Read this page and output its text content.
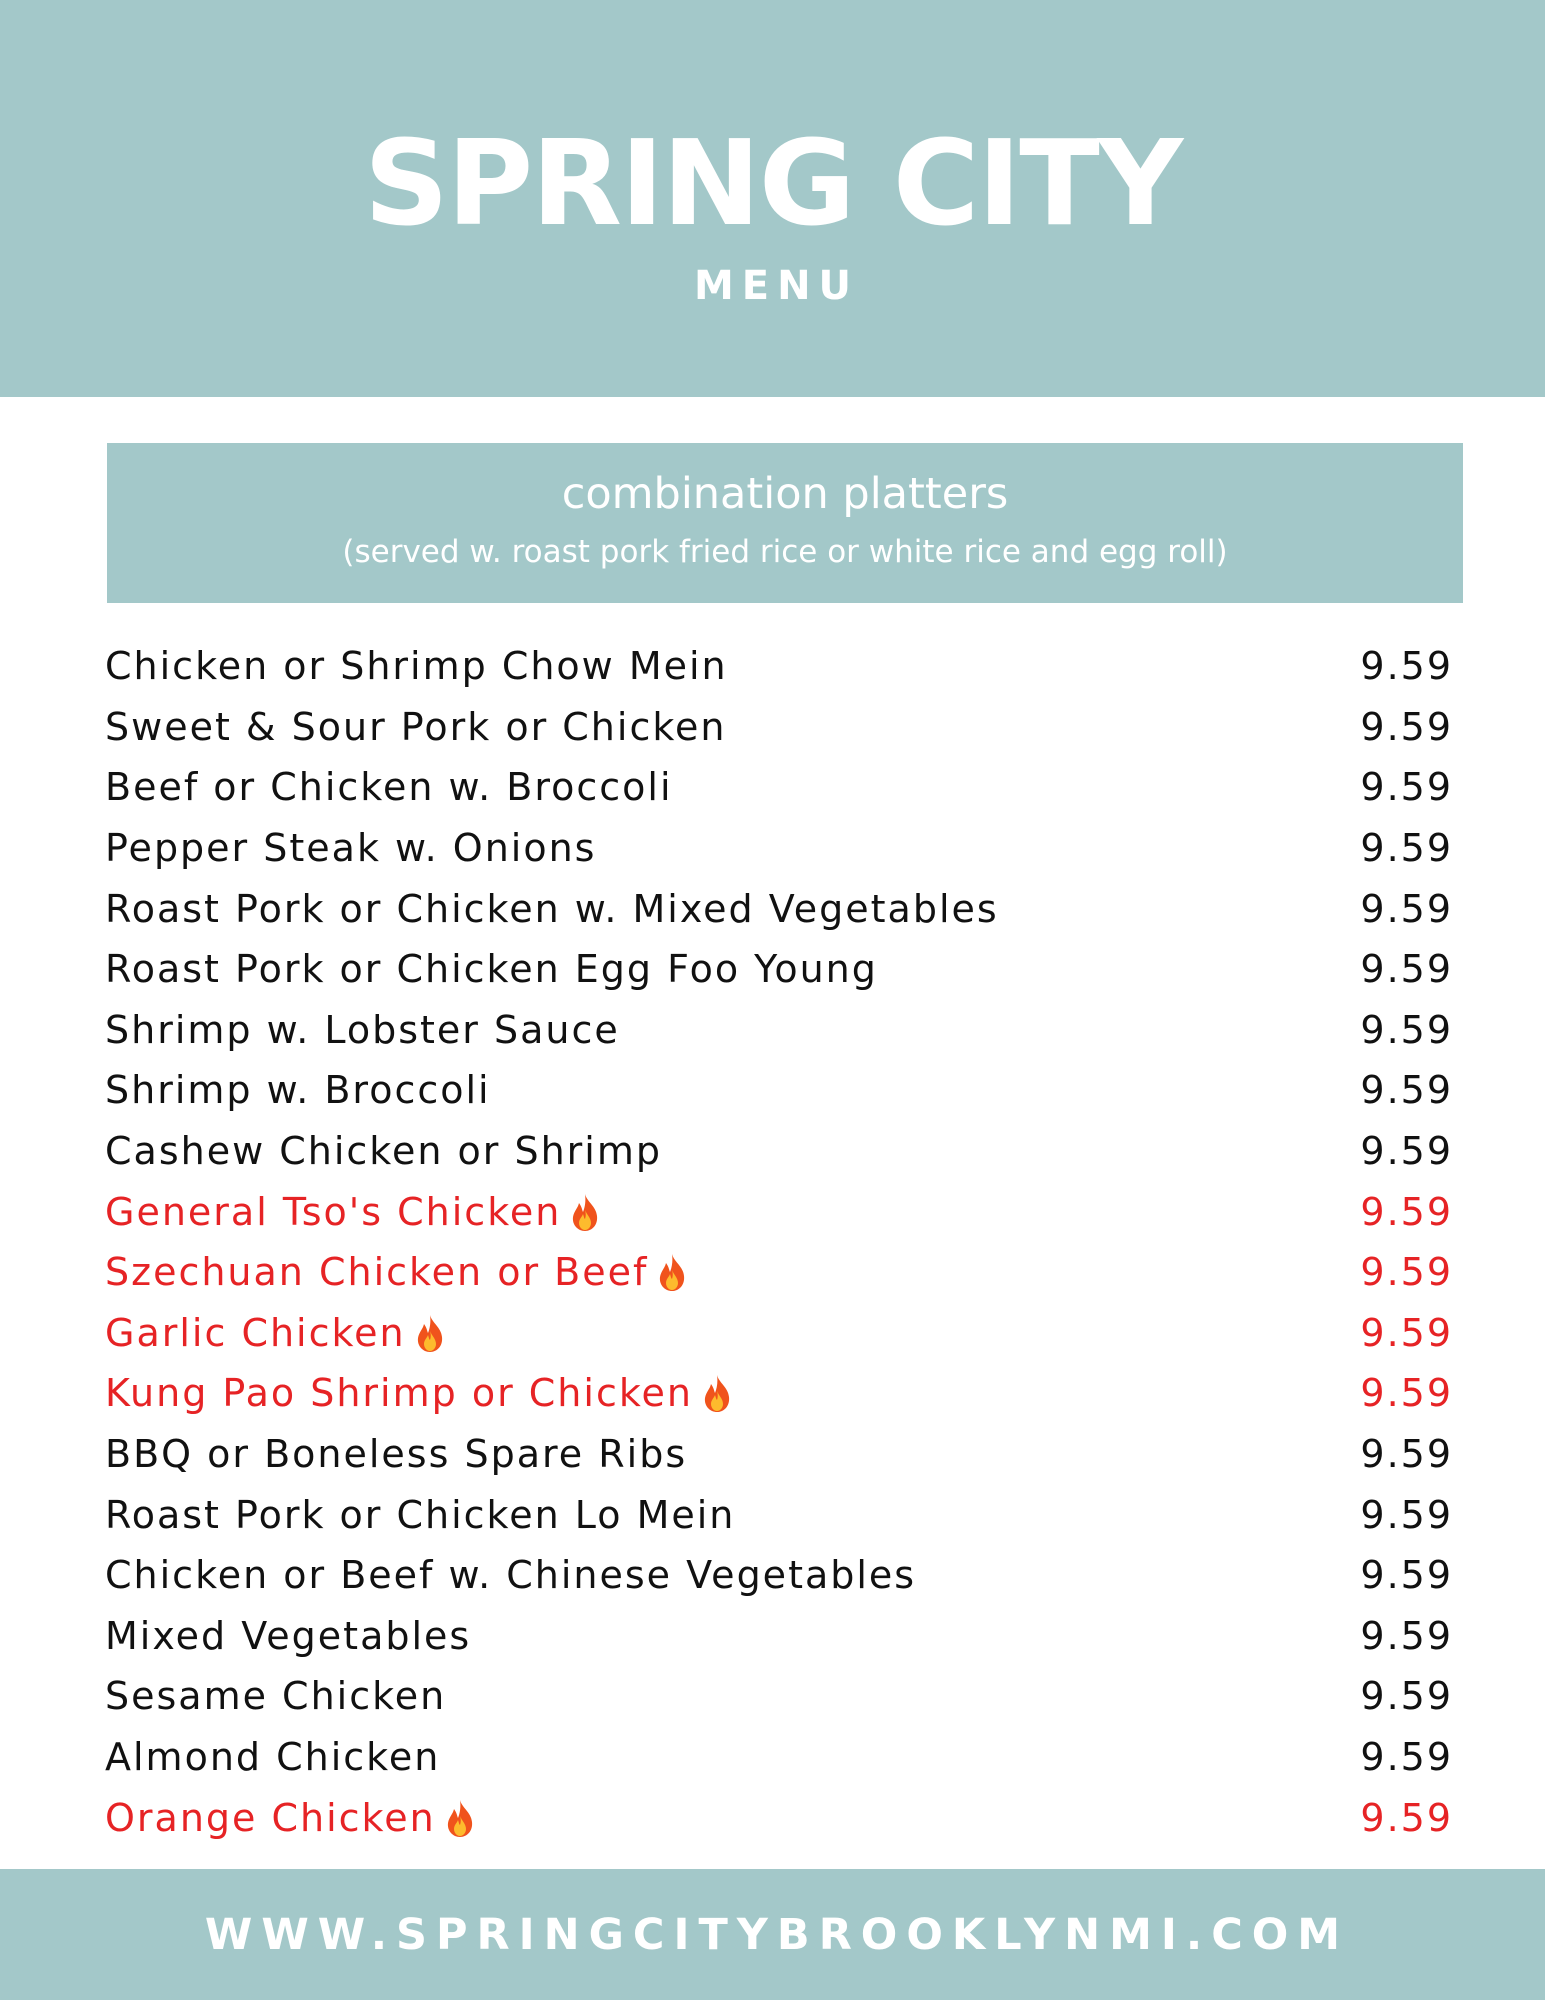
SPRING CITY
MENU
combination platters
(served w. roast pork fried rice or white rice and egg roll)
Chicken or Shrimp Chow Mein	9.59
Sweet & Sour Pork or Chicken	9.59
Beef or Chicken w. Broccoli	9.59
Pepper Steak w. Onions	9.59
Roast Pork or Chicken w. Mixed Vegetables	9.59
Roast Pork or Chicken Egg Foo Young	9.59
Shrimp w. Lobster Sauce	9.59
Shrimp w. Broccoli	9.59
Cashew Chicken or Shrimp	9.59
General Tso's Chicken	9.59
Szechuan Chicken or Beef	9.59
Garlic Chicken	9.59
Kung Pao Shrimp or Chicken	9.59
BBQ or Boneless Spare Ribs	9.59
Roast Pork or Chicken Lo Mein	9.59
Chicken or Beef w. Chinese Vegetables	9.59
Mixed Vegetables	9.59
Sesame Chicken	9.59
Almond Chicken	9.59
Orange Chicken	9.59
WWW.SPRINGCITYBROOKLYNMI.COM
